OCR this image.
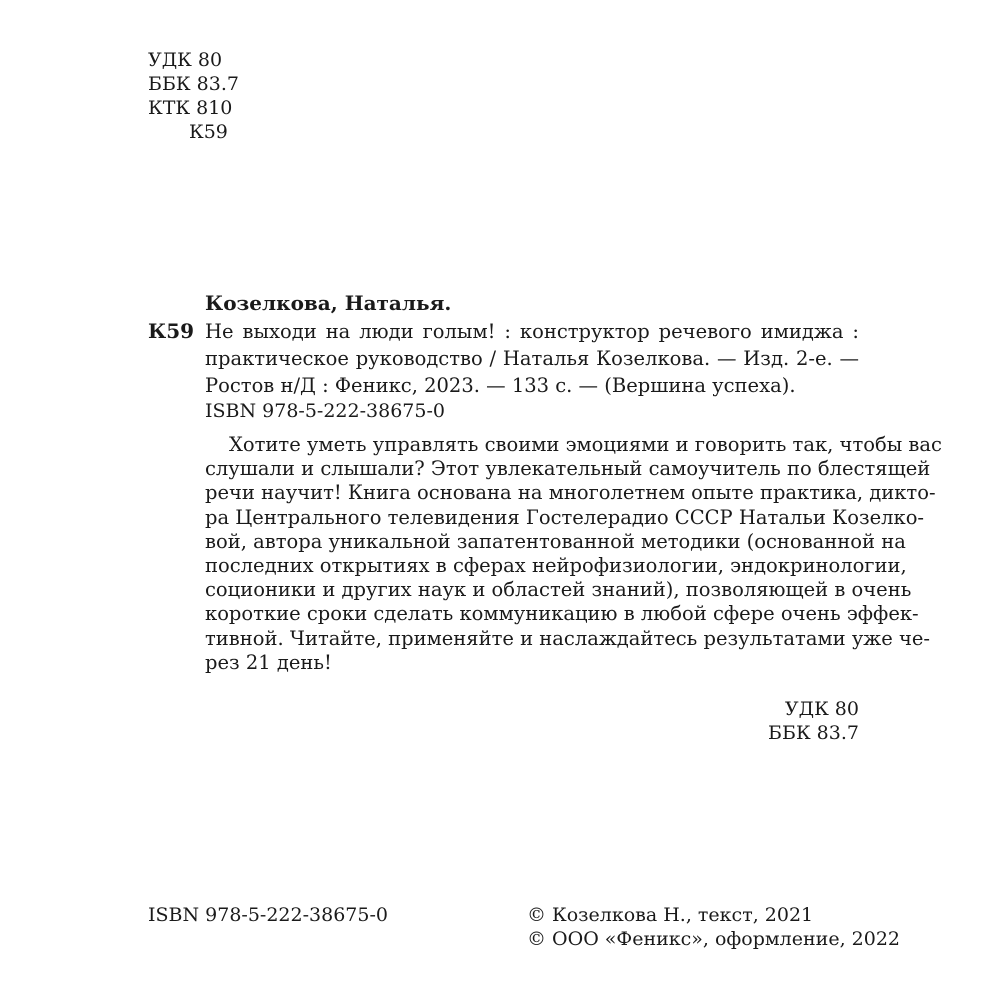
УДК 80
ББК 83.7
КТК 810
К59
Козелкова, Наталья.
К59 Не выходи на люди голым! : конструктор речевого имиджа :
практическое руководство / Наталья Козелкова. — Изд. 2-е. —
Ростов н/Д : Феникс, 2023. — 133 с. — (Вершина успеха).
ISBN 978-5-222-38675-0
Хотите уметь управлять своими эмоциями и говорить так, чтобы вас
слушали и слышали? Этот увлекательный самоучитель по блестящей
речи научит! Книга основана на многолетнем опыте практика, дикто-
ра Центрального телевидения Гостелерадио СССР Натальи Козелко-
вой, автора уникальной запатентованной методики (основанной на
последних открытиях в сферах нейрофизиологии, эндокринологии,
соционики и других наук и областей знаний), позволяющей в очень
короткие сроки сделать коммуникацию в любой сфере очень эффек-
тивной. Читайте, применяйте и наслаждайтесь результатами уже че-
рез 21 день!
УДК 80
ББК 83.7
ISBN 978-5-222-38675-0	© Козелкова Н., текст, 2021
© ООО «Феникс», оформление, 2022
